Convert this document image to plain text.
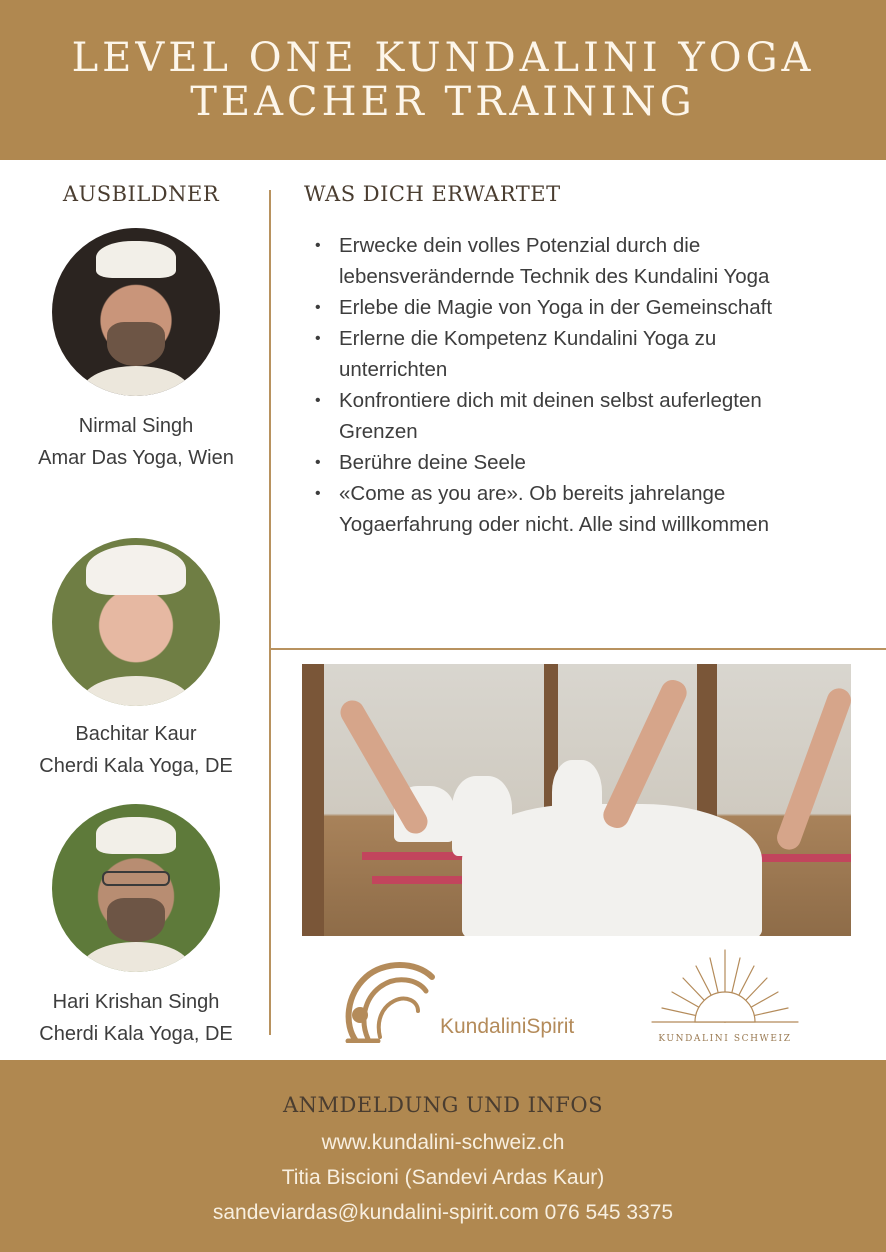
LEVEL ONE KUNDALINI YOGA
TEACHER TRAINING
AUSBILDNER
Nirmal Singh
Amar Das Yoga, Wien
Bachitar Kaur
Cherdi Kala Yoga, DE
Hari Krishan Singh
Cherdi Kala Yoga, DE
WAS DICH ERWARTET
• Erwecke dein volles Potenzial durch die lebensverändernde Technik des Kundalini Yoga
• Erlebe die Magie von Yoga in der Gemeinschaft
• Erlerne die Kompetenz Kundalini Yoga zu unterrichten
• Konfrontiere dich mit deinen selbst auferlegten Grenzen
• Berühre deine Seele
• «Come as you are». Ob bereits jahrelange Yogaerfahrung oder nicht. Alle sind willkommen
KundaliniSpirit
KUNDALINI SCHWEIZ
ANMDELDUNG UND INFOS
www.kundalini-schweiz.ch
Titia Biscioni (Sandevi Ardas Kaur)
sandeviardas@kundalini-spirit.com 076 545 3375
